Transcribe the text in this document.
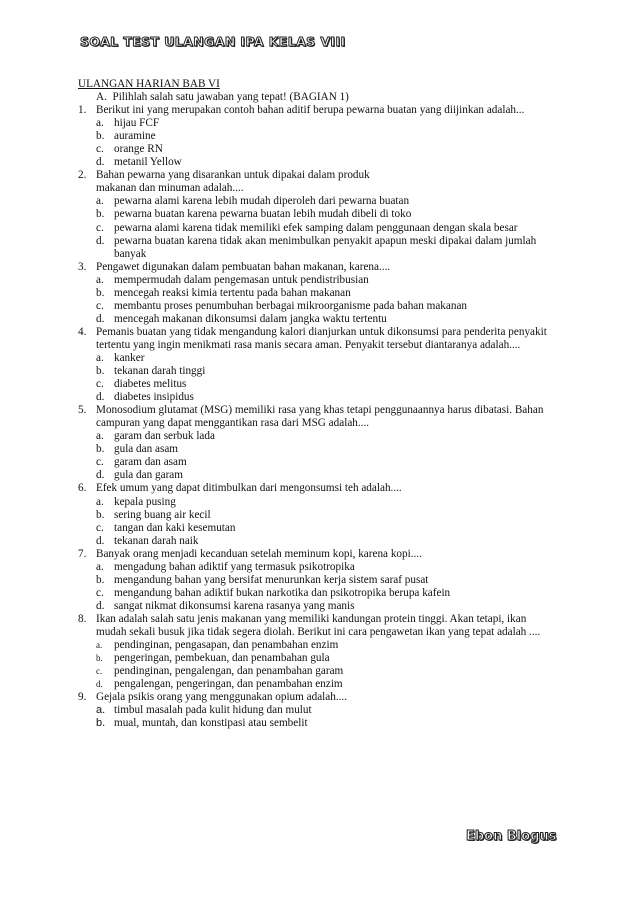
SOAL TEST ULANGAN IPA KELAS VIII
ULANGAN HARIAN BAB VI
A.  Pilihlah salah satu jawaban yang tepat! (BAGIAN 1)
1. Berikut ini yang merupakan contoh bahan aditif berupa pewarna buatan yang diijinkan adalah...
a. hijau FCF
b. auramine
c. orange RN
d. metanil Yellow
2. Bahan pewarna yang disarankan untuk dipakai dalam produk makanan dan minuman adalah....
a. pewarna alami karena lebih mudah diperoleh dari pewarna buatan
b. pewarna buatan karena pewarna buatan lebih mudah dibeli di toko
c. pewarna alami karena tidak memiliki efek samping dalam penggunaan dengan skala besar
d. pewarna buatan karena tidak akan menimbulkan penyakit apapun meski dipakai dalam jumlah banyak
3. Pengawet digunakan dalam pembuatan bahan makanan, karena....
a. mempermudah dalam pengemasan untuk pendistribusian
b. mencegah reaksi kimia tertentu pada bahan makanan
c. membantu proses penumbuhan berbagai mikroorganisme pada bahan makanan
d. mencegah makanan dikonsumsi dalam jangka waktu tertentu
4. Pemanis buatan yang tidak mengandung kalori dianjurkan untuk dikonsumsi para penderita penyakit tertentu yang ingin menikmati rasa manis secara aman. Penyakit tersebut diantaranya adalah....
a. kanker
b. tekanan darah tinggi
c. diabetes melitus
d. diabetes insipidus
5. Monosodium glutamat (MSG) memiliki rasa yang khas tetapi penggunaannya harus dibatasi. Bahan campuran yang dapat menggantikan rasa dari MSG adalah....
a. garam dan serbuk lada
b. gula dan asam
c. garam dan asam
d. gula dan garam
6. Efek umum yang dapat ditimbulkan dari mengonsumsi teh adalah....
a. kepala pusing
b. sering buang air kecil
c. tangan dan kaki kesemutan
d. tekanan darah naik
7. Banyak orang menjadi kecanduan setelah meminum kopi, karena kopi....
a. mengadung bahan adiktif yang termasuk psikotropika
b. mengandung bahan yang bersifat menurunkan kerja sistem saraf pusat
c. mengandung bahan adiktif bukan narkotika dan psikotropika berupa kafein
d. sangat nikmat dikonsumsi karena rasanya yang manis
8. Ikan adalah salah satu jenis makanan yang memiliki kandungan protein tinggi. Akan tetapi, ikan mudah sekali busuk jika tidak segera diolah. Berikut ini cara pengawetan ikan yang tepat adalah ....
a. pendinginan, pengasapan, dan penambahan enzim
b. pengeringan, pembekuan, dan penambahan gula
c. pendinginan, pengalengan, dan penambahan garam
d. pengalengan, pengeringan, dan penambahan enzim
9. Gejala psikis orang yang menggunakan opium adalah....
a. timbul masalah pada kulit hidung dan mulut
b. mual, muntah, dan konstipasi atau sembelit
Ebon Blogus
